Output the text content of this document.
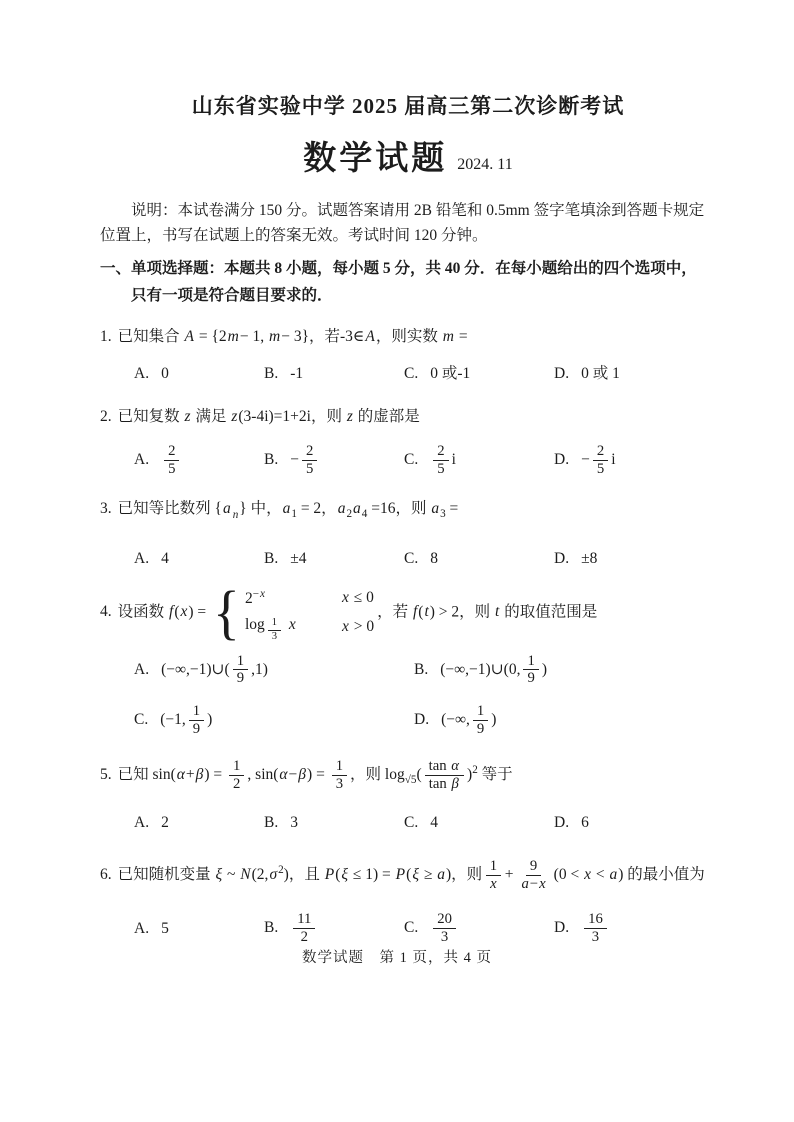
山东省实验中学 2025 届高三第二次诊断考试
数学试题 2024. 11

说明：本试卷满分 150 分。试题答案请用 2B 铅笔和 0.5mm 签字笔填涂到答题卡规定位置上，书写在试题上的答案无效。考试时间 120 分钟。

一、单项选择题：本题共 8 小题，每小题 5 分，共 40 分．在每小题给出的四个选项中，
只有一项是符合题目要求的．
1. 已知集合 A = {2m− 1, m− 3}，若-3∈A，则实数 m =
A. 0	B. -1	C. 0 或-1	D. 0 或 1
2. 已知复数 z 满足 z(3-4i)=1+2i，则 z 的虚部是
A. $\frac{2}{5}$	B. − $\frac{2}{5}$	C. $\frac{2}{5}$ i	D. − $\frac{2}{5}$ i
3. 已知等比数列 {a $_n$} 中，$a_1 = 2$，$a_2a_4 =16$，则 $a_3$ =
A. 4	B. ±4	C. 8	D. ±8
4. 设函数 f(x) = { $2^{-x}$	x ≤ 0
log $_{\frac{1}{3}}$ x	x > 0
，若 f(t) > 2，则 t 的取值范围是
A. (−∞,−1)∪( $\frac{1}{9} ,1$)	B. (−∞,−1)∪(0, $\frac{1}{9}$ )
C. (−1, $\frac{1}{9}$ )	D. (−∞, $\frac{1}{9}$ )
5. 已知 $\sin(\alpha+\beta) = \frac{1}{2}$ , $\sin(\alpha-\beta) = \frac{1}{3}$ ，则 $\log_{√5}( \frac{\text{tan α}}{\text{tan β}} )^2$ 等于
A. 2	B. 3	C. 4	D. 6
6. 已知随机变量 ξ ~ $N(2,\sigma^2)$，且 P(ξ ≤ 1) = P(ξ ≥ a)，则 $\frac{1}{x} + \frac{9}{a-x} (0 < x < a)$ 的最小值为
A. 5	B. $\frac{11}{2}$	C. $\frac{20}{3}$	D. $\frac{16}{3}$
数学试题　第 1 页，共 4 页
